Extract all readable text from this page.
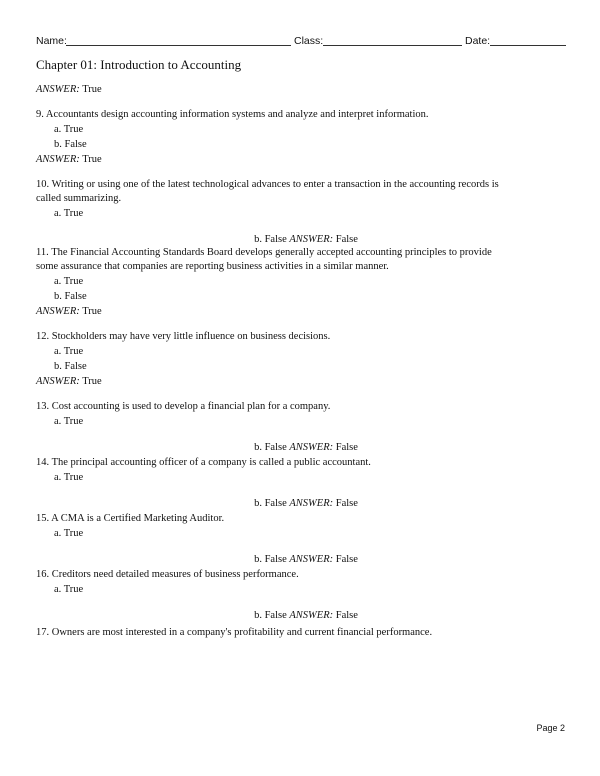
Name:	Class:	Date:
Chapter 01: Introduction to Accounting

ANSWER: True

9. Accountants design accounting information systems and analyze and interpret information.

a. True

b. False

ANSWER: True

10. Writing or using one of the latest technological advances to enter a transaction in the accounting records is
called summarizing.

a. True

b. False ANSWER: False

11. The Financial Accounting Standards Board develops generally accepted accounting principles to provide
some assurance that companies are reporting business activities in a similar manner.

a. True

b. False

ANSWER: True

12. Stockholders may have very little influence on business decisions.

a. True

b. False

ANSWER: True

13. Cost accounting is used to develop a financial plan for a company.

a. True

b. False ANSWER: False

14. The principal accounting officer of a company is called a public accountant.

a. True

b. False ANSWER: False

15. A CMA is a Certified Marketing Auditor.

a. True

b. False ANSWER: False

16. Creditors need detailed measures of business performance.

a. True

b. False ANSWER: False

17. Owners are most interested in a company's profitability and current financial performance.

Page 2
